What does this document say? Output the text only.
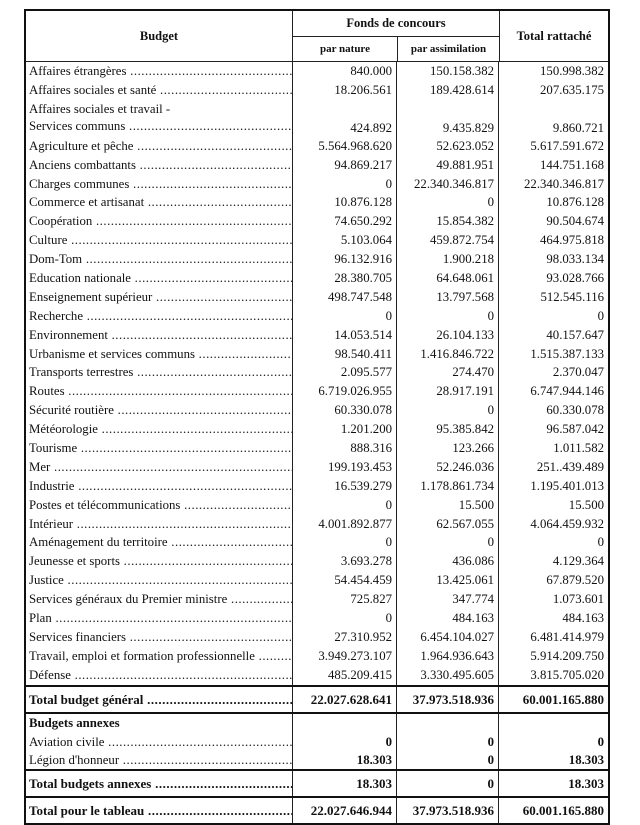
Budget
Fonds de concours
par nature	par assimilation
Total rattaché
Affaires étrangères .....	840.000	150.158.382	150.998.382
Affaires sociales et santé .....	18.206.561	189.428.614	207.635.175
Affaires sociales et travail -
Services communs .....	424.892	9.435.829	9.860.721
Agriculture et pêche .....	5.564.968.620	52.623.052	5.617.591.672
Anciens combattants .....	94.869.217	49.881.951	144.751.168
Charges communes .....	0	22.340.346.817	22.340.346.817
Commerce et artisanat .....	10.876.128	0	10.876.128
Coopération .....	74.650.292	15.854.382	90.504.674
Culture .....	5.103.064	459.872.754	464.975.818
Dom-Tom .....	96.132.916	1.900.218	98.033.134
Education nationale .....	28.380.705	64.648.061	93.028.766
Enseignement supérieur .....	498.747.548	13.797.568	512.545.116
Recherche .....	0	0	0
Environnement .....	14.053.514	26.104.133	40.157.647
Urbanisme et services communs .....	98.540.411	1.416.846.722	1.515.387.133
Transports terrestres .....	2.095.577	274.470	2.370.047
Routes .....	6.719.026.955	28.917.191	6.747.944.146
Sécurité routière .....	60.330.078	0	60.330.078
Météorologie .....	1.201.200	95.385.842	96.587.042
Tourisme .....	888.316	123.266	1.011.582
Mer .....	199.193.453	52.246.036	251..439.489
Industrie .....	16.539.279	1.178.861.734	1.195.401.013
Postes et télécommunications .....	0	15.500	15.500
Intérieur .....	4.001.892.877	62.567.055	4.064.459.932
Aménagement du territoire .....	0	0	0
Jeunesse et sports .....	3.693.278	436.086	4.129.364
Justice .....	54.454.459	13.425.061	67.879.520
Services généraux du Premier ministre .....	725.827	347.774	1.073.601
Plan .....	0	484.163	484.163
Services financiers .....	27.310.952	6.454.104.027	6.481.414.979
Travail, emploi et formation professionnelle .....	3.949.273.107	1.964.936.643	5.914.209.750
Défense .....	485.209.415	3.330.495.605	3.815.705.020
Total budget général .....	22.027.628.641	37.973.518.936	60.001.165.880
Budgets annexes
Aviation civile .....	0	0	0
Légion d'honneur .....	18.303	0	18.303
Total budgets annexes .....	18.303	0	18.303
Total pour le tableau .....	22.027.646.944	37.973.518.936	60.001.165.880
